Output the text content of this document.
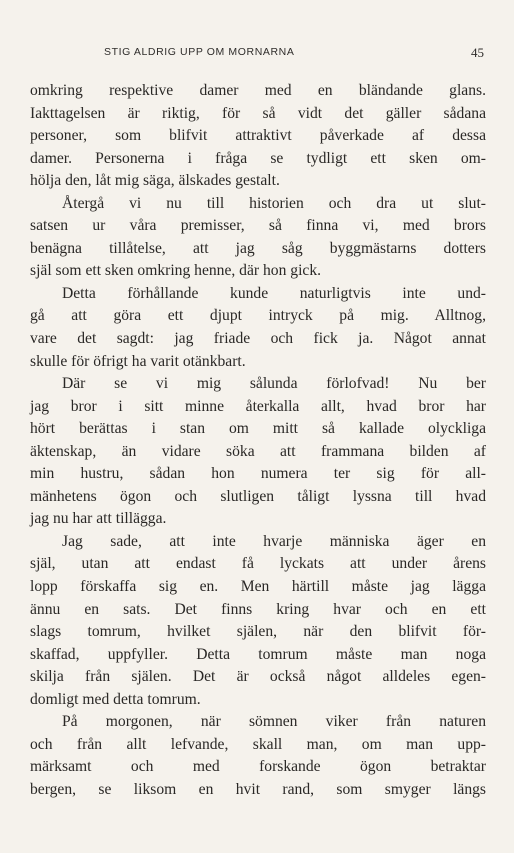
STIG ALDRIG UPP OM MORNARNA	45
omkring respektive damer med en bländande glans.
Iakttagelsen är riktig, för så vidt det gäller sådana
personer, som blifvit attraktivt påverkade af dessa
damer. Personerna i fråga se tydligt ett sken om-
hölja den, låt mig säga, älskades gestalt.
Återgå vi nu till historien och dra ut slut-
satsen ur våra premisser, så finna vi, med brors
benägna tillåtelse, att jag såg byggmästarns dotters
själ som ett sken omkring henne, där hon gick.
Detta förhållande kunde naturligtvis inte und-
gå att göra ett djupt intryck på mig. Alltnog,
vare det sagdt: jag friade och fick ja. Något annat
skulle för öfrigt ha varit otänkbart.
Där se vi mig sålunda förlofvad! Nu ber
jag bror i sitt minne återkalla allt, hvad bror har
hört berättas i stan om mitt så kallade olyckliga
äktenskap, än vidare söka att frammana bilden af
min hustru, sådan hon numera ter sig för all-
mänhetens ögon och slutligen tåligt lyssna till hvad
jag nu har att tillägga.
Jag sade, att inte hvarje människa äger en
själ, utan att endast få lyckats att under årens
lopp förskaffa sig en. Men härtill måste jag lägga
ännu en sats. Det finns kring hvar och en ett
slags tomrum, hvilket själen, när den blifvit för-
skaffad, uppfyller. Detta tomrum måste man noga
skilja från själen. Det är också något alldeles egen-
domligt med detta tomrum.
På morgonen, när sömnen viker från naturen
och från allt lefvande, skall man, om man upp-
märksamt och med forskande ögon betraktar
bergen, se liksom en hvit rand, som smyger längs
